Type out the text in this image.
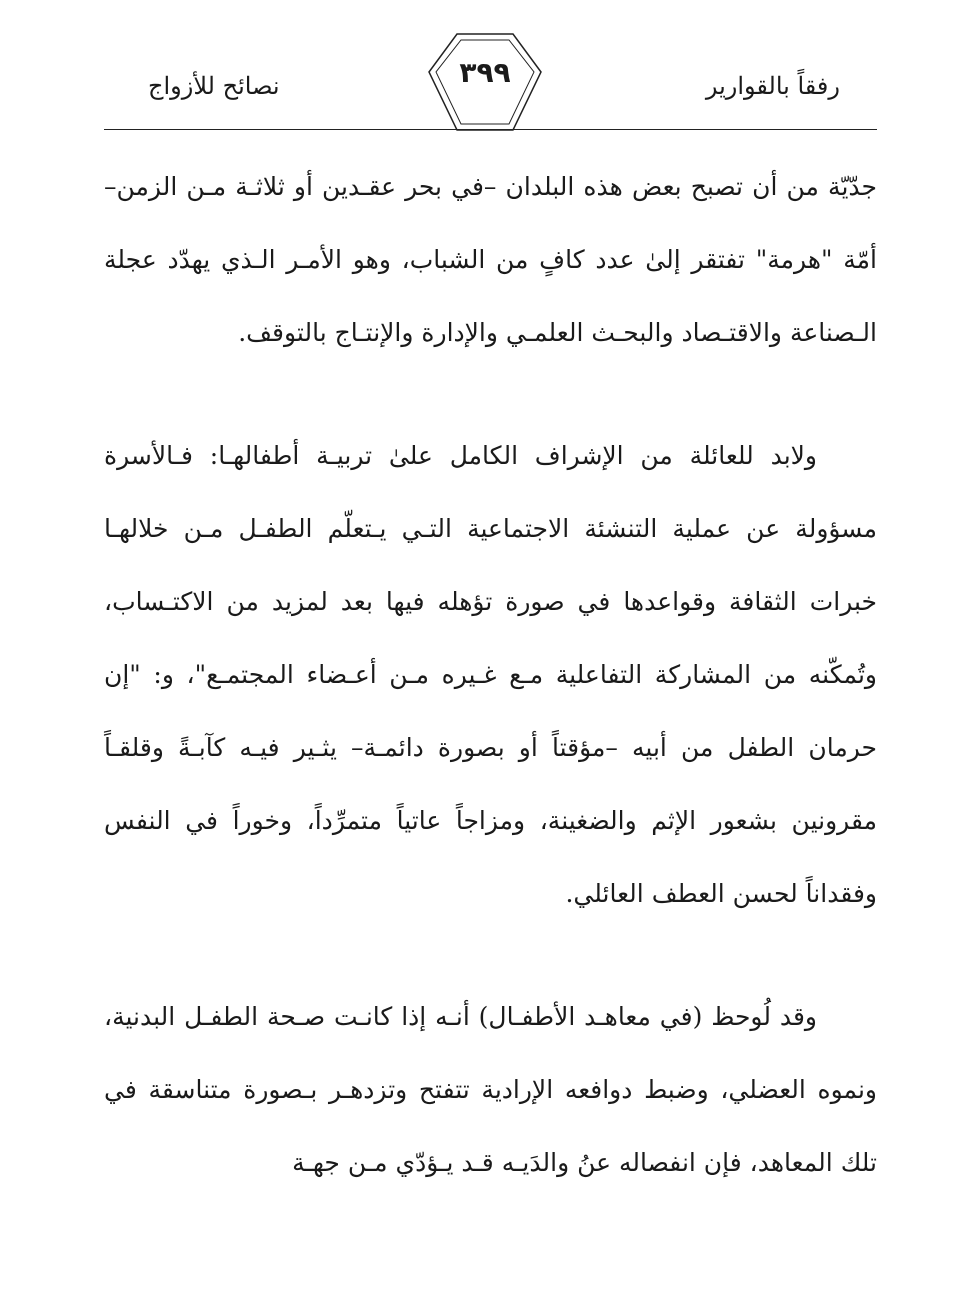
رفقاً بالقوارير
٣٩٩
نصائح للأزواج

جدّيّة من أن تصبح بعض هذه البلدان –في بحر عقـدين أو ثلاثـة مـن الزمن– أمّة "هرمة" تفتقر إلىٰ عدد كافٍ من الشباب، وهو الأمـر الـذي يهدّد عجلة الـصناعة والاقتـصاد والبحـث العلمـي والإدارة والإنتـاج بالتوقف.

ولابد للعائلة من الإشراف الكامل علىٰ تربيـة أطفالهـا: فـالأسرة مسؤولة عن عملية التنشئة الاجتماعية التـي يـتعلّم الطفـل مـن خلالهـا خبرات الثقافة وقواعدها في صورة تؤهله فيها بعد لمزيد من الاكتـساب، وتُمكّنه من المشاركة التفاعلية مـع غـيره مـن أعـضاء المجتمـع"، و: "إن حرمان الطفل من أبيه –مؤقتاً أو بصورة دائمـة– يثـير فيـه كآبـةً وقلقـاً مقرونين بشعور الإثم والضغينة، ومزاجاً عاتياً متمرِّداً، وخوراً في النفس وفقداناً لحسن العطف العائلي.

وقد لُوحظ (في معاهـد الأطفـال) أنـه إذا كانـت صـحة الطفـل البدنية، ونموه العضلي، وضبط دوافعه الإرادية تتفتح وتزدهـر بـصورة متناسقة في تلك المعاهد، فإن انفصاله عنُ والدَيـه قـد يـؤدّي مـن جهـة
